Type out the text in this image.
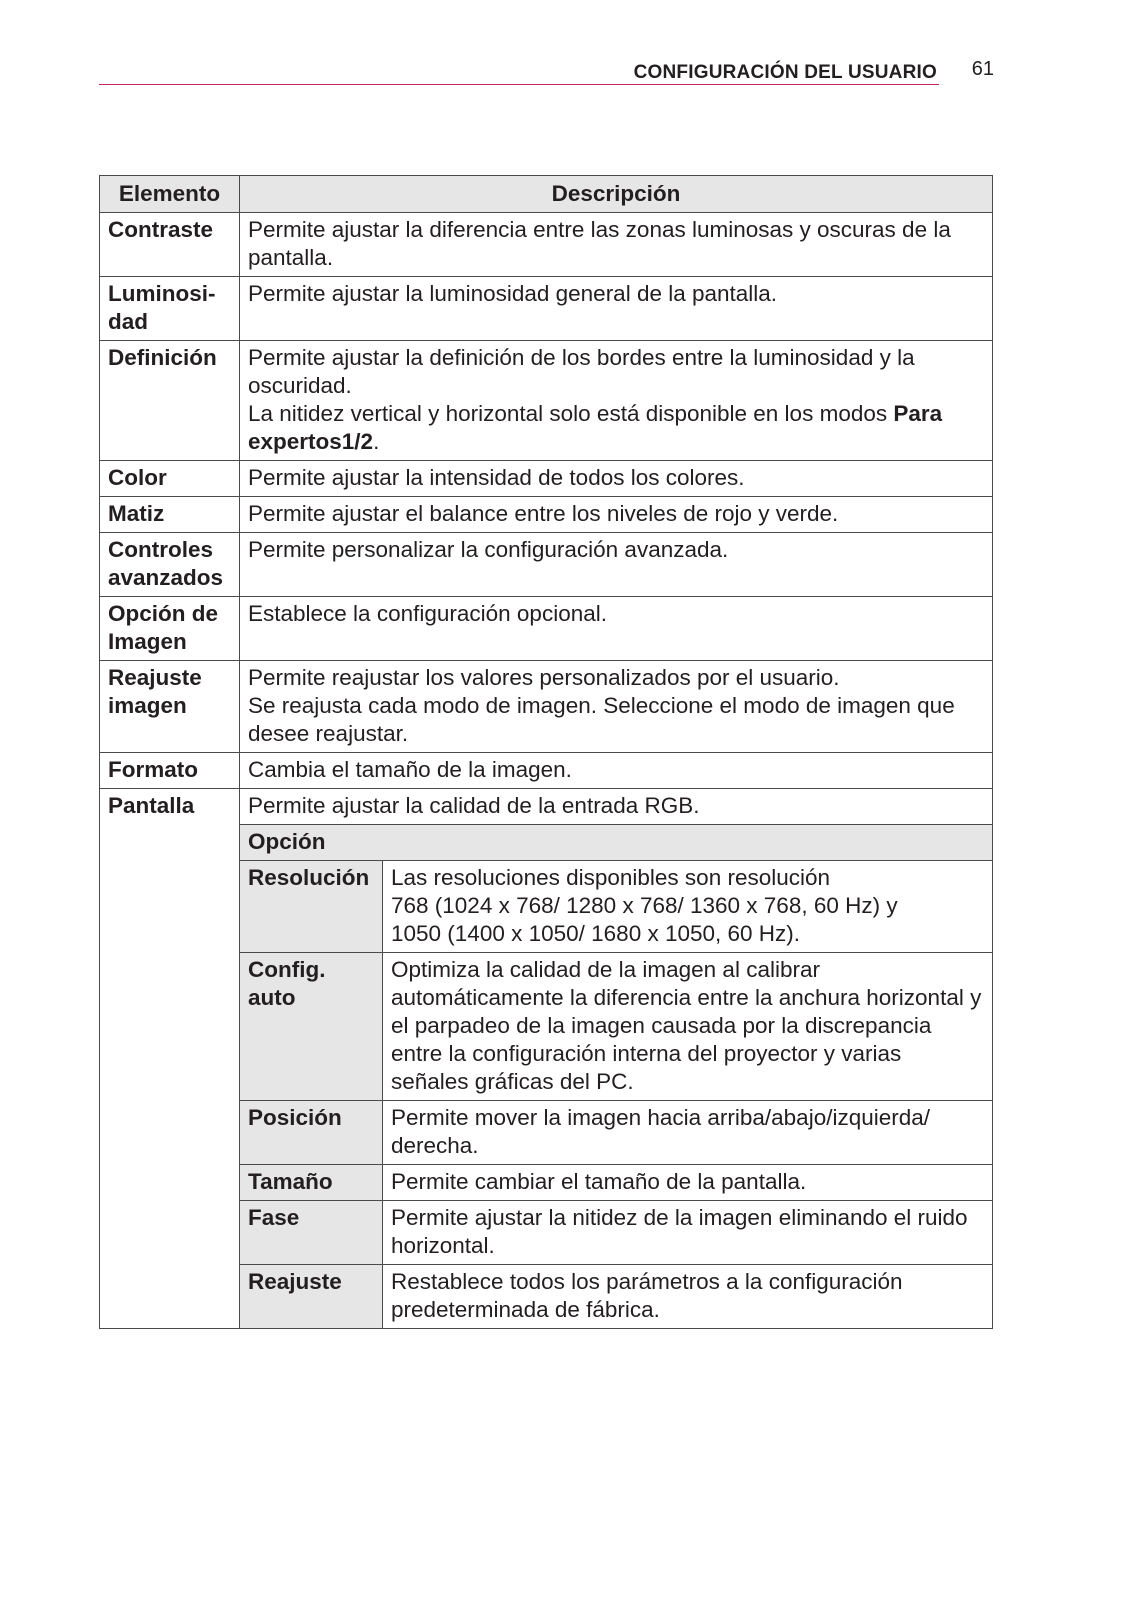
CONFIGURACIÓN DEL USUARIO 61
Elemento	Descripción	
Contraste	Permite ajustar la diferencia entre las zonas luminosas y oscuras de la pantalla.	

Luminosi-
dad	Permite ajustar la luminosidad general de la pantalla.	
Definición	Permite ajustar la definición de los bordes entre la luminosidad y la oscuridad.
La nitidez vertical y horizontal solo está disponible en los modos Para expertos1/2.	

Color	Permite ajustar la intensidad de todos los colores.	
Matiz	Permite ajustar el balance entre los niveles de rojo y verde.	

Controles
avanzados	Permite personalizar la configuración avanzada.	

Opción de
Imagen	Establece la configuración opcional.	

Reajuste
imagen	Permite reajustar los valores personalizados por el usuario.
Se reajusta cada modo de imagen. Seleccione el modo de imagen que desee reajustar.	

Formato	Cambia el tamaño de la imagen.	
Pantalla	Permite ajustar la calidad de la entrada RGB.	
	Opción	
	Resolución	Las resoluciones disponibles son resolución
768 (1024 x 768/ 1280 x 768/ 1360 x 768, 60 Hz) y
1050 (1400 x 1050/ 1680 x 1050, 60 Hz).

	Config.
auto	Optimiza la calidad de la imagen al calibrar automáticamente la diferencia entre la anchura horizontal y el parpadeo de la imagen causada por la discrepancia entre la configuración interna del proyector y varias señales gráficas del PC.
	Posición	Permite mover la imagen hacia arriba/abajo/izquierda/ derecha.
	Tamaño	Permite cambiar el tamaño de la pantalla.
	Fase	Permite ajustar la nitidez de la imagen eliminando el ruido horizontal.
	Reajuste	Restablece todos los parámetros a la configuración predeterminada de fábrica.
